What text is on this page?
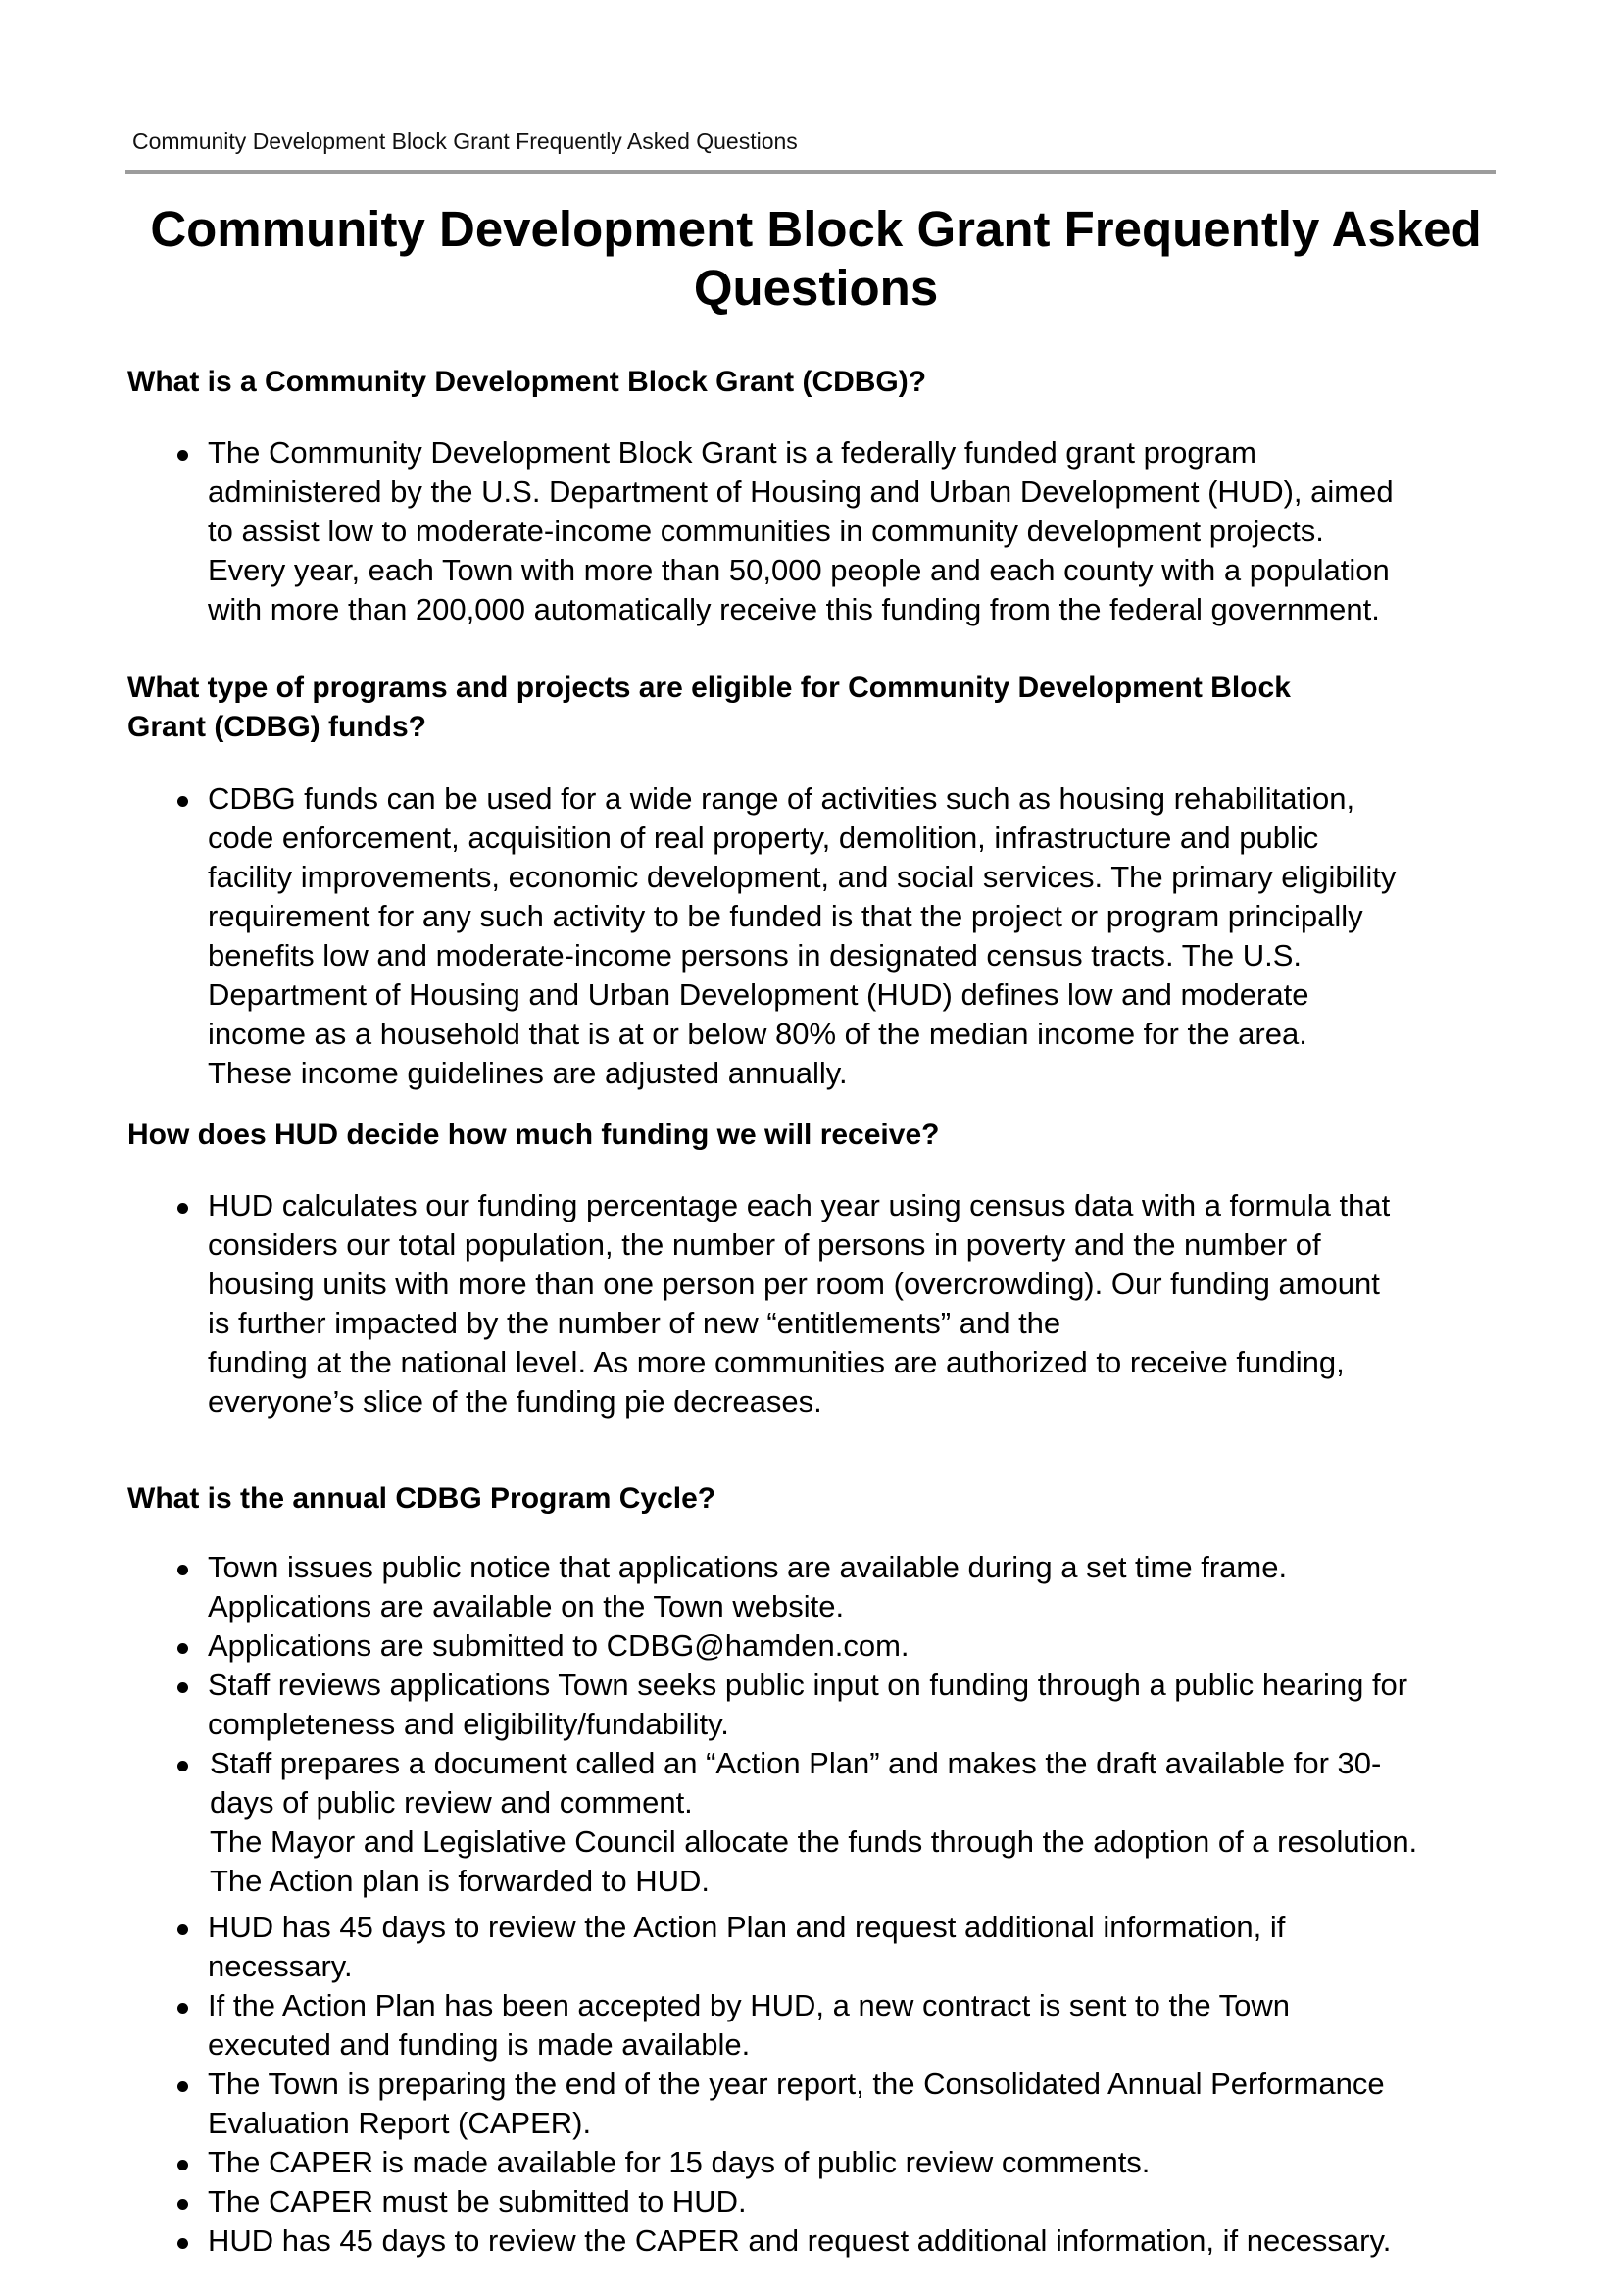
Community Development Block Grant Frequently Asked Questions
Community Development Block Grant Frequently Asked
Questions
What is a Community Development Block Grant (CDBG)?
The Community Development Block Grant is a federally funded grant program
administered by the U.S. Department of Housing and Urban Development (HUD), aimed
to assist low to moderate-income communities in community development projects.
Every year, each Town with more than 50,000 people and each county with a population
with more than 200,000 automatically receive this funding from the federal government.
What type of programs and projects are eligible for Community Development Block
Grant (CDBG) funds?
CDBG funds can be used for a wide range of activities such as housing rehabilitation,
code enforcement, acquisition of real property, demolition, infrastructure and public
facility improvements, economic development, and social services. The primary eligibility
requirement for any such activity to be funded is that the project or program principally
benefits low and moderate-income persons in designated census tracts. The U.S.
Department of Housing and Urban Development (HUD) defines low and moderate
income as a household that is at or below 80% of the median income for the area.
These income guidelines are adjusted annually.
How does HUD decide how much funding we will receive?
HUD calculates our funding percentage each year using census data with a formula that
considers our total population, the number of persons in poverty and the number of
housing units with more than one person per room (overcrowding). Our funding amount
is further impacted by the number of new “entitlements” and the
funding at the national level. As more communities are authorized to receive funding,
everyone’s slice of the funding pie decreases.
What is the annual CDBG Program Cycle?
Town issues public notice that applications are available during a set time frame.
Applications are available on the Town website.
Applications are submitted to CDBG@hamden.com.
Staff reviews applications Town seeks public input on funding through a public hearing for
completeness and eligibility/fundability.
Staff prepares a document called an “Action Plan” and makes the draft available for 30-
days of public review and comment.
The Mayor and Legislative Council allocate the funds through the adoption of a resolution.
The Action plan is forwarded to HUD.
HUD has 45 days to review the Action Plan and request additional information, if
necessary.
If the Action Plan has been accepted by HUD, a new contract is sent to the Town
executed and funding is made available.
The Town is preparing the end of the year report, the Consolidated Annual Performance
Evaluation Report (CAPER).
The CAPER is made available for 15 days of public review comments.
The CAPER must be submitted to HUD.
HUD has 45 days to review the CAPER and request additional information, if necessary.
